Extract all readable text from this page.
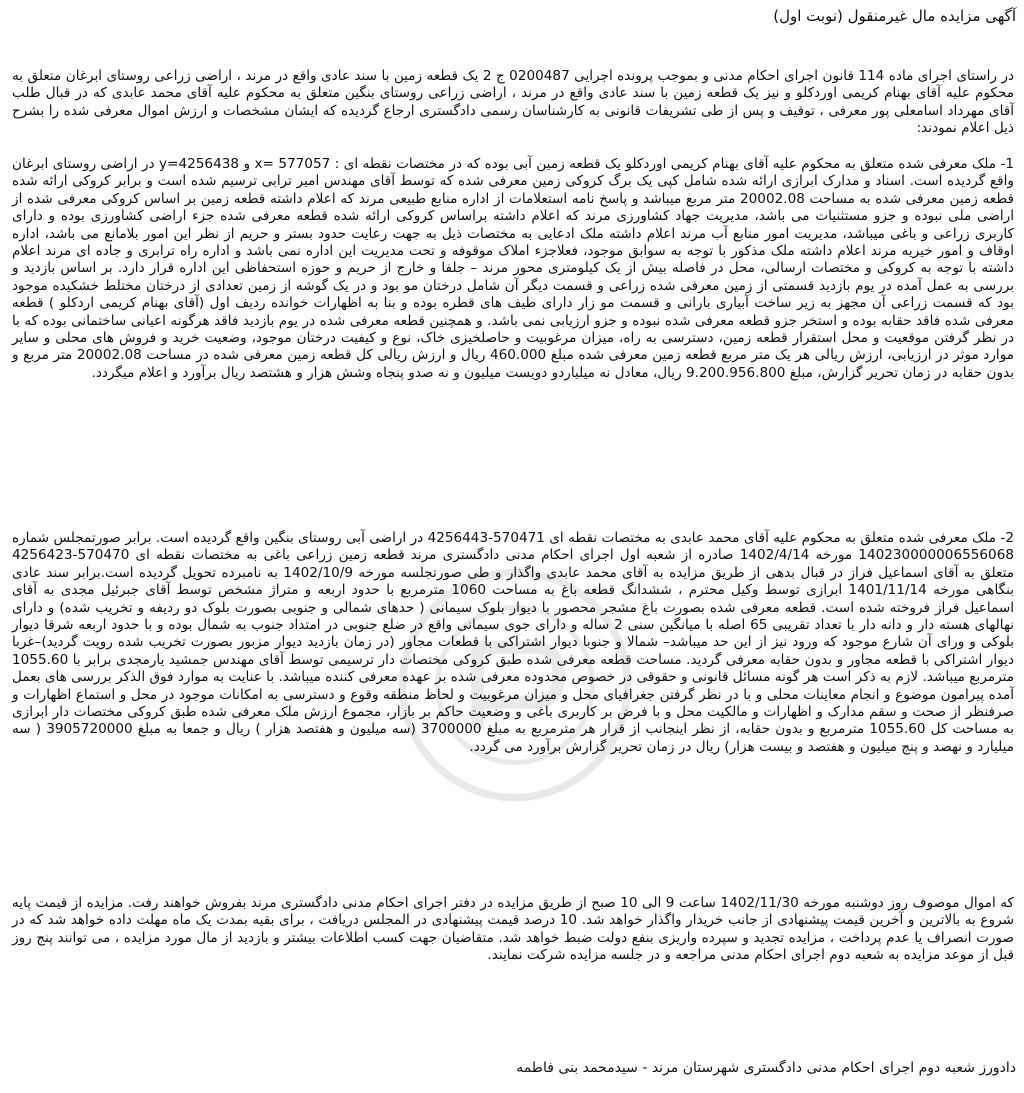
آگهی مزایده مال غیرمنقول (نوبت اول)

در راستای اجرای ماده 114 قانون اجرای احکام مدنی و بموجب پرونده اجرایی 0200487 ج 2 یک قطعه زمین با سند عادی واقع در مرند ، اراضی زراعی روستای ابرغان متعلق به محکوم علیه آقای بهنام کریمی اوردکلو و نیز یک قطعه زمین با سند عادی واقع در مرند ، اراضی زراعی روستای بنگین متعلق به محکوم علیه آقای محمد عابدی که در قبال طلب آقای مهرداد اسامعلی پور معرفی ، توقیف و پس از طی تشریفات قانونی به کارشناسان رسمی دادگستری ارجاع گردیده که ایشان مشخصات و ارزش اموال معرفی شده را بشرح ذیل اعلام نمودند:

1- ملک معرفی شده متعلق به محکوم علیه آقای بهنام کریمی اوردکلو یک قطعه زمین آبی بوده که در مختصات نقطه ای : 577057 =x و y=4256438 در اراضی روستای ابرغان واقع گردیده است. اسناد و مدارک ابرازی ارائه شده شامل کپی یک برگ کروکی زمین معرفی شده که توسط آقای مهندس امیر ترابی ترسیم شده است و برابر کروکی ارائه شده قطعه زمین معرفی شده به مساحت 20002.08 متر مربع میباشد و پاسخ نامه استعلامات از اداره منابع طبیعی مرند که اعلام داشته قطعه زمین بر اساس کروکی معرفی شده از اراضی ملی نبوده و جزو مستثنیات می باشد، مدیریت جهاد کشاورزی مرند که اعلام داشته براساس کروکی ارائه شده قطعه معرفی شده جزء اراضی کشاورزی بوده و دارای کاربری زراعی و باغی میباشد، مدیریت امور منابع آب مرند اعلام داشته ملک ادعایی به مختصات ذیل به جهت رعایت حدود بستر و حریم از نظر این امور بلامانع می باشد، اداره اوقاف و امور خیریه مرند اعلام داشته ملک مذکور با توجه به سوابق موجود، فعلاجزء املاک موقوفه و تحت مدیریت این اداره نمی باشد و اداره راه ترابری و جاده ای مرند اعلام داشته با توجه به کروکی و مختصات ارسالی، محل در فاصله بیش از یک کیلومتری محور مرند – جلفا و خارج از حریم و حوزه استحفاظی این اداره قرار دارد. بر اساس بازدید و بررسی به عمل آمده در یوم بازدید قسمتی از زمین معرفی شده زراعی و قسمت دیگر آن شامل درختان مو بود و در یک گوشه از زمین تعدادی از درختان مختلط خشکیده موجود بود که قسمت زراعی آن مجهز به زیر ساخت آبیاری بارانی و قسمت مو زار دارای طیف های قطره بوده و بنا به اظهارات خوانده ردیف اول (آقای بهنام کریمی اردکلو ) قطعه معرفی شده فاقد حقابه بوده و استخر جزو قطعه معرفی شده نبوده و جزو ارزیابی نمی باشد. و همچنین قطعه معرفی شده در یوم بازدید فاقد هرگونه اعیانی ساختمانی بوده که با در نظر گرفتن موقعیت و محل استقرار قطعه زمین، دسترسی به راه، میزان مرغوبیت و حاصلخیزی خاک، نوع و کیفیت درختان موجود، وضعیت خرید و فروش های محلی و سایر موارد موثر در ارزیابی، ارزش ریالی هر یک متر مربع قطعه زمین معرفی شده مبلغ 460.000 ریال و ارزش ریالی کل قطعه زمین معرفی شده در مساحت 20002.08 متر مربع و بدون حقابه در زمان تحریر گزارش، مبلغ 9.200.956.800 ریال، معادل نه میلیاردو دویست میلیون و نه صدو پنجاه وشش هزار و هشتصد ریال برآورد و اعلام میگردد.

2- ملک معرفی شده متعلق به محکوم علیه آقای محمد عابدی به مختصات نقطه ای 570471-4256443 در اراضی آبی روستای بنگین واقع گردیده است. برابر صورتمجلس شماره 140230000006556068 مورخه 1402/4/14 صادره از شعبه اول اجرای احکام مدنی دادگستری مرند قطعه زمین زراعی باغی به مختصات نقطه ای 570470-4256423 متعلق به آقای اسماعیل فراز در قبال بدهی از طریق مزایده به آقای محمد عابدی واگذار و طی صورتجلسه مورخه 1402/10/9 به نامبرده تحویل گردیده است.برابر سند عادی بنگاهی مورخه 1401/11/14 ابرازی توسط وکیل محترم ، ششدانگ قطعه باغ به مساحت 1060 مترمربع با حدود اربعه و متراژ مشخص توسط آقای جبرئیل مجدی به آقای اسماعیل فراز فروخته شده است. قطعه معرفی شده بصورت باغ مشجر محصور با دیوار بلوک سیمانی ( حدهای شمالی و جنوبی بصورت بلوک دو ردیفه و تخریب شده) و دارای نهالهای هسته دار و دانه دار با تعداد تقریبی 65 اصله با میانگین سنی 2 ساله و دارای جوی سیمانی واقع در ضلع جنوبی در امتداد جنوب به شمال بوده و با حدود اربعه شرقا دیوار بلوکی و ورای آن شارع موجود که ورود نیز از این حد میباشد– شمالا و جنوبا دیوار اشتراکی با قطعات مجاور (در زمان بازدید دیوار مزبور بصورت تخریب شده رویت گردید)–غربا دیوار اشتراکی با قطعه مجاور و بدون حقابه معرفی گردید. مساحت قطعه معرفی شده طبق کروکی مختصات دار ترسیمی توسط آقای مهندس جمشید یارمجدی برابر با 1055.60 مترمربع میباشد. لازم به ذکر است هر گونه مسائل قانونی و حقوقی در خصوص محدوده معرفی شده بر عهده معرفی کننده میباشد. با عنایت به موارد فوق الذکر بررسی های بعمل آمده پیرامون موضوع و انجام معاینات محلی و با در نظر گرفتن جغرافیای محل و میزان مرغوبیت و لحاظ منطقه وقوع و دسترسی به امکانات موجود در محل و استماع اظهارات و صرفنظر از صحت و سقم مدارک و اظهارات و مالکیت محل و با فرض بر کاربری باغی و وضعیت حاکم بر بازار، مجموع ارزش ملک معرفی شده طبق کروکی مختصات دار ابرازی به مساحت کل 1055.60 مترمربع و بدون حقابه، از نظر اینجانب از قرار هر مترمربع به مبلغ 3700000 (سه میلیون و هفتصد هزار ) ریال و جمعا به مبلغ 3905720000 ( سه میلیارد و نهصد و پنج میلیون و هفتصد و بیست هزار) ریال در زمان تحریر گزارش برآورد می گردد.

که اموال موصوف روز دوشنبه مورخه 1402/11/30 ساعت 9 الی 10 صبح از طریق مزایده در دفتر اجرای احکام مدنی دادگستری مرند بفروش خواهند رفت. مزایده از قیمت پایه شروع به بالاترین و آخرین قیمت پیشنهادی از جانب خریدار واگذار خواهد شد. 10 درصد قیمت پیشنهادی در المجلس دریافت ، برای بقیه بمدت یک ماه مهلت داده خواهد شد که در صورت انصراف یا عدم پرداخت ، مزایده تجدید و سپرده واریزی بنفع دولت ضبط خواهد شد. متقاضیان جهت کسب اطلاعات بیشتر و بازدید از مال مورد مزایده ، می توانند پنج روز قبل از موعد مزایده به شعبه دوم اجرای احکام مدنی مراجعه و در جلسه مزایده شرکت نمایند.

دادورز شعبه دوم اجرای احکام مدنی دادگستری شهرستان مرند - سیدمحمد بنی فاطمه
